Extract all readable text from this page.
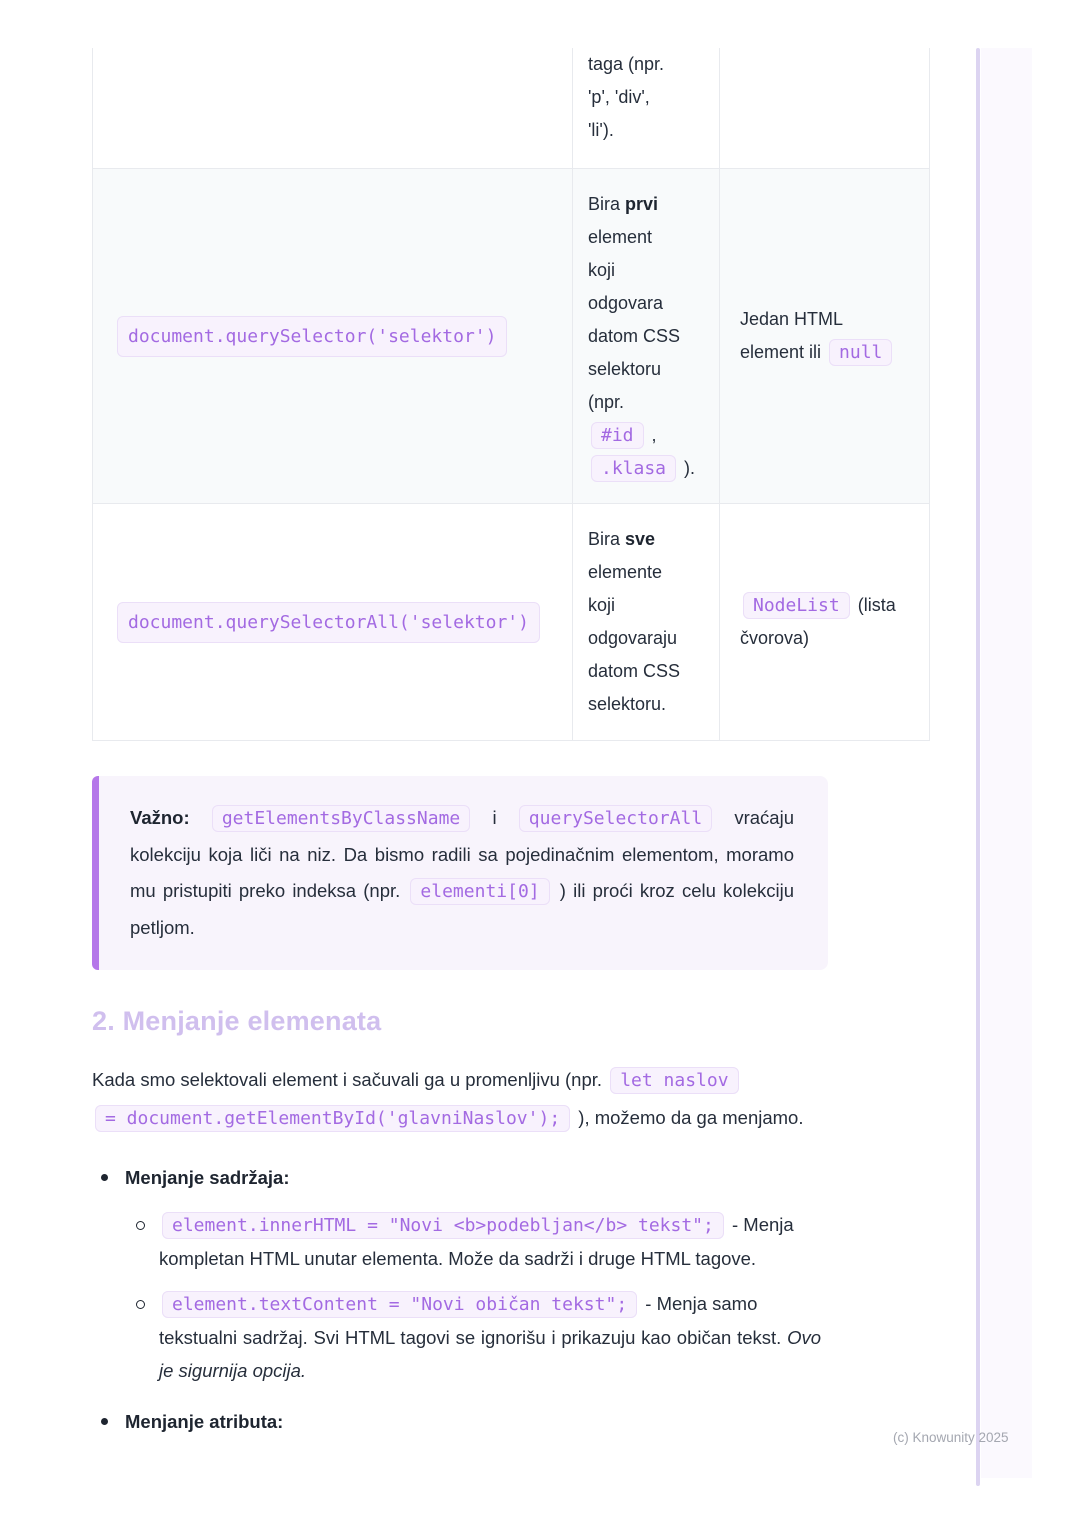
taga (npr.
'p', 'div',
'li').
document.querySelector('selektor')
Bira prvi
element
koji
odgovara
datom CSS
selektoru
(npr.
#id ,
.klasa ).
Jedan HTML
element ili null
document.querySelectorAll('selektor')
Bira sve
elemente
koji
odgovaraju
datom CSS
selektoru.
NodeList (lista
čvorova)

Važno: getElementsByClassName i querySelectorAll vraćaju kolekciju koja liči na niz. Da bismo radili sa pojedinačnim elementom, moramo mu pristupiti preko indeksa (npr. elementi[0] ) ili proći kroz celu kolekciju petljom.

2. Menjanje elemenata

Kada smo selektovali element i sačuvali ga u promenljivu (npr. let naslov
= document.getElementById('glavniNaslov'); ), možemo da ga menjamo.

Menjanje sadržaja:

element.innerHTML = "Novi <b>podebljan</b> tekst"; - Menja
kompletan HTML unutar elementa. Može da sadrži i druge HTML tagove.

element.textContent = "Novi običan tekst"; - Menja samo
tekstualni sadržaj. Svi HTML tagovi se ignorišu i prikazuju kao običan tekst. Ovo je sigurnija opcija.

Menjanje atributa:

(c) Knowunity 2025
